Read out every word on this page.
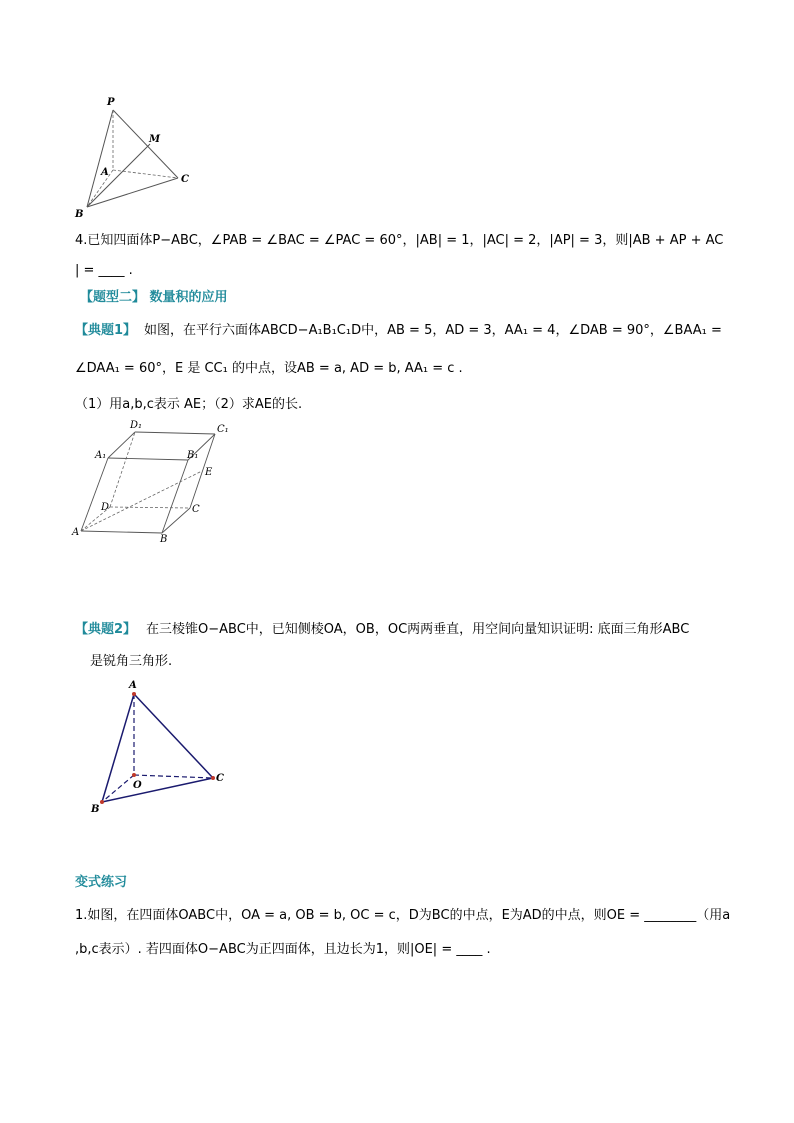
P
M
A
C
B
4.已知四面体P−ABC，∠PAB = ∠BAC = ∠PAC = 60°，|AB| = 1，|AC| = 2，|AP| = 3，则|AB + AP + AC
| = ____ .
【题型二】 数量积的应用
【典题1】 如图，在平行六面体ABCD−A₁B₁C₁D中，AB = 5，AD = 3，AA₁ = 4，∠DAB = 90°，∠BAA₁ =
∠DAA₁ = 60°，E 是 CC₁ 的中点，设AB = a, AD = b, AA₁ = c .
（1）用a,b,c表示 AE；（2）求AE的长.
D₁	C₁
A₁	B₁
E
D	C
A
B
【典题2】 在三棱锥O−ABC中，已知侧棱OA，OB，OC两两垂直，用空间向量知识证明: 底面三角形ABC
是锐角三角形.
A
O
C
B
变式练习
1.如图，在四面体OABC中，OA = a, OB = b, OC = c，D为BC的中点，E为AD的中点，则OE = ________（用a
,b,c表示）. 若四面体O−ABC为正四面体，且边长为1，则|OE| = ____ .
